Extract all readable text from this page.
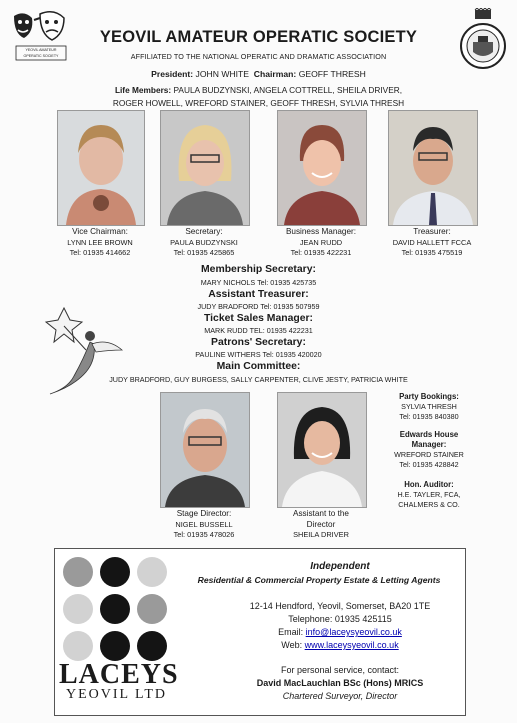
YEOVIL AMATEUR OPERATIC SOCIETY
YEOVIL AMATEUR OPERATIC SOCIETY
AFFILIATED TO THE NATIONAL OPERATIC AND DRAMATIC ASSOCIATION
President: JOHN WHITE Chairman: GEOFF THRESH
Life Members: PAULA BUDZYNSKI, ANGELA COTTRELL, SHEILA DRIVER,
ROGER HOWELL, WREFORD STAINER, GEOFF THRESH, SYLVIA THRESH
Vice Chairman:
LYNN LEE BROWN
Tel: 01935 414662
Secretary:
PAULA BUDZYNSKI
Tel: 01935 425865
Business Manager:
JEAN RUDD
Tel: 01935 422231
Treasurer:
DAVID HALLETT FCCA
Tel: 01935 475519
Membership Secretary:
MARY NICHOLS Tel: 01935 425735
Assistant Treasurer:
JUDY BRADFORD Tel: 01935 507959
Ticket Sales Manager:
MARK RUDD TEL: 01935 422231
Patrons' Secretary:
PAULINE WITHERS Tel: 01935 420020
Main Committee:
JUDY BRADFORD, GUY BURGESS, SALLY CARPENTER, CLIVE JESTY, PATRICIA WHITE
Stage Director:
NIGEL BUSSELL
Tel: 01935 478026
Assistant to the
Director
SHEILA DRIVER
Party Bookings:
SYLVIA THRESH
Tel: 01935 840380
Edwards House
Manager:
WREFORD STAINER
Tel: 01935 428842
Hon. Auditor:
H.E. TAYLER, FCA,
CHALMERS & CO.
LACEYS
YEOVIL LTD
Independent
Residential & Commercial Property Estate & Letting Agents
12-14 Hendford, Yeovil, Somerset, BA20 1TE
Telephone: 01935 425115
Email: info@laceysyeovil.co.uk
Web: www.laceysyeovil.co.uk
For personal service, contact:
David MacLauchlan BSc (Hons) MRICS
Chartered Surveyor, Director
